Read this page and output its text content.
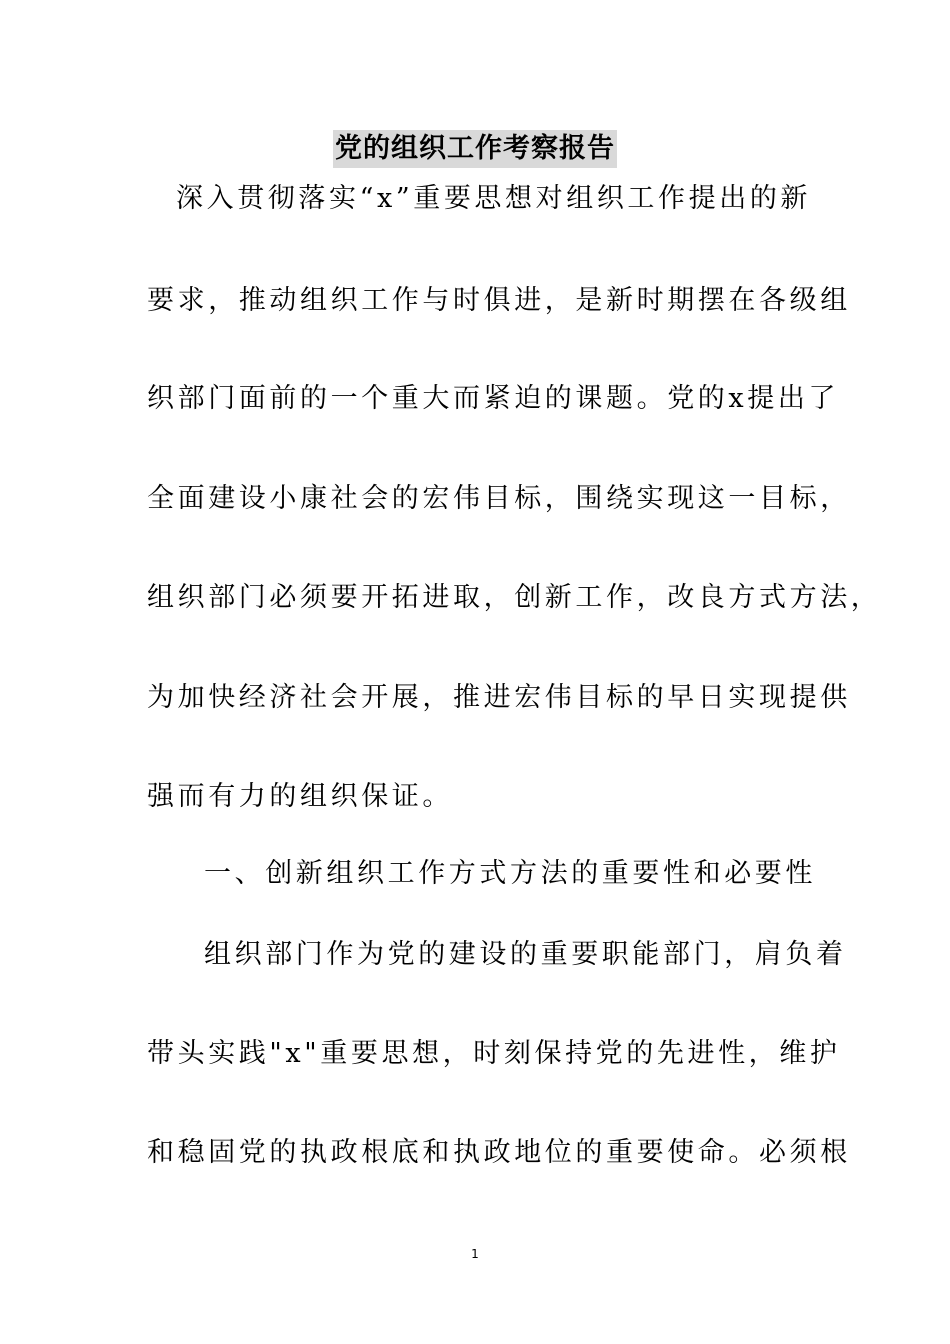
党的组织工作考察报告
深入贯彻落实“x”重要思想对组织工作提出的新
要求，推动组织工作与时俱进，是新时期摆在各级组
织部门面前的一个重大而紧迫的课题。党的x提出了
全面建设小康社会的宏伟目标，围绕实现这一目标，
组织部门必须要开拓进取，创新工作，改良方式方法，
为加快经济社会开展，推进宏伟目标的早日实现提供
强而有力的组织保证。
一、创新组织工作方式方法的重要性和必要性
组织部门作为党的建设的重要职能部门，肩负着
带头实践"x"重要思想，时刻保持党的先进性，维护
和稳固党的执政根底和执政地位的重要使命。必须根
1
